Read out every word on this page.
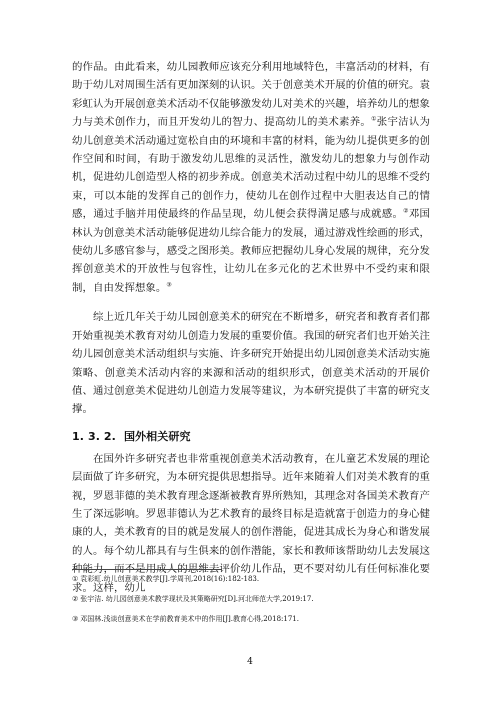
的作品。由此看来，幼儿园教师应该充分利用地域特色，丰富活动的材料，有助于幼儿对周围生活有更加深刻的认识。关于创意美术开展的价值的研究。袁彩虹认为开展创意美术活动不仅能够激发幼儿对美术的兴趣，培养幼儿的想象力与美术创作力，而且开发幼儿的智力、提高幼儿的美术素养。①张宇洁认为幼儿创意美术活动通过宽松自由的环境和丰富的材料，能为幼儿提供更多的创作空间和时间，有助于激发幼儿思维的灵活性，激发幼儿的想象力与创作动机，促进幼儿创造型人格的初步养成。创意美术活动过程中幼儿的思维不受约束，可以本能的发挥自己的创作力，使幼儿在创作过程中大胆表达自己的情感，通过手脑并用使最终的作品呈现，幼儿便会获得满足感与成就感。②邓国林认为创意美术活动能够促进幼儿综合能力的发展，通过游戏性绘画的形式，使幼儿多感官参与，感受之图形美。教师应把握幼儿身心发展的规律，充分发挥创意美术的开放性与包容性，让幼儿在多元化的艺术世界中不受约束和限制，自由发挥想象。③

综上近几年关于幼儿园创意美术的研究在不断增多，研究者和教育者们都开始重视美术教育对幼儿创造力发展的重要价值。我国的研究者们也开始关注幼儿园创意美术活动组织与实施、许多研究开始提出幼儿园创意美术活动实施策略、创意美术活动内容的来源和活动的组织形式，创意美术活动的开展价值、通过创意美术促进幼儿创造力发展等建议，为本研究提供了丰富的研究支撑。

1. 3. 2. 国外相关研究

在国外许多研究者也非常重视创意美术活动教育，在儿童艺术发展的理论层面做了许多研究，为本研究提供思想指导。近年来随着人们对美术教育的重视，罗恩菲德的美术教育理念逐渐被教育界所熟知，其理念对各国美术教育产生了深远影响。罗恩菲德认为艺术教育的最终目标是造就富于创造力的身心健康的人，美术教育的目的就是发展人的创作潜能，促进其成长为身心和谐发展的人。每个幼儿都具有与生俱来的创作潜能，家长和教师该帮助幼儿去发展这种能力，而不是用成人的思维去评价幼儿作品，更不要对幼儿有任何标准化要求。这样，幼儿

① 袁彩虹.幼儿创意美术教学[J].学周刊,2018(16):182-183.

② 张宇洁. 幼儿园创意美术教学现状及其策略研究[D].河北师范大学,2019:17.

③ 邓国林.浅谈创意美术在学前教育美术中的作用[J].教育心得,2018:171.

4
